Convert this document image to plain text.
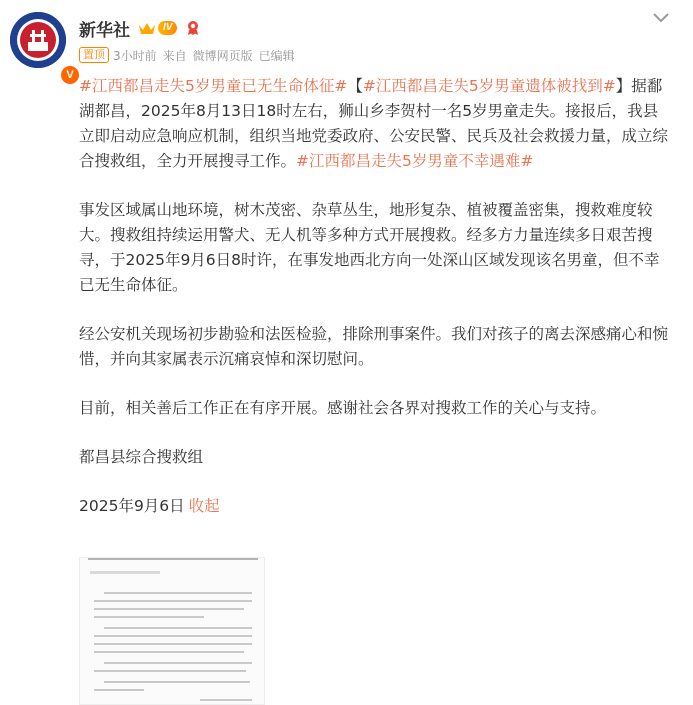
V
新华社	IV
置顶 3小时前 来自 微博网页版 已编辑

#江西都昌走失5岁男童已无生命体征#【#江西都昌走失5岁男童遗体被找到#】据鄱湖都昌，2025年8月13日18时左右，狮山乡李贺村一名5岁男童走失。接报后，我县立即启动应急响应机制，组织当地党委政府、公安民警、民兵及社会救援力量，成立综合搜救组，全力开展搜寻工作。#江西都昌走失5岁男童不幸遇难#

事发区域属山地环境，树木茂密、杂草丛生，地形复杂、植被覆盖密集，搜救难度较大。搜救组持续运用警犬、无人机等多种方式开展搜救。经多方力量连续多日艰苦搜寻，于2025年9月6日8时许，在事发地西北方向一处深山区域发现该名男童，但不幸已无生命体征。

经公安机关现场初步勘验和法医检验，排除刑事案件。我们对孩子的离去深感痛心和惋惜，并向其家属表示沉痛哀悼和深切慰问。

目前，相关善后工作正在有序开展。感谢社会各界对搜救工作的关心与支持。

都昌县综合搜救组

2025年9月6日 收起
